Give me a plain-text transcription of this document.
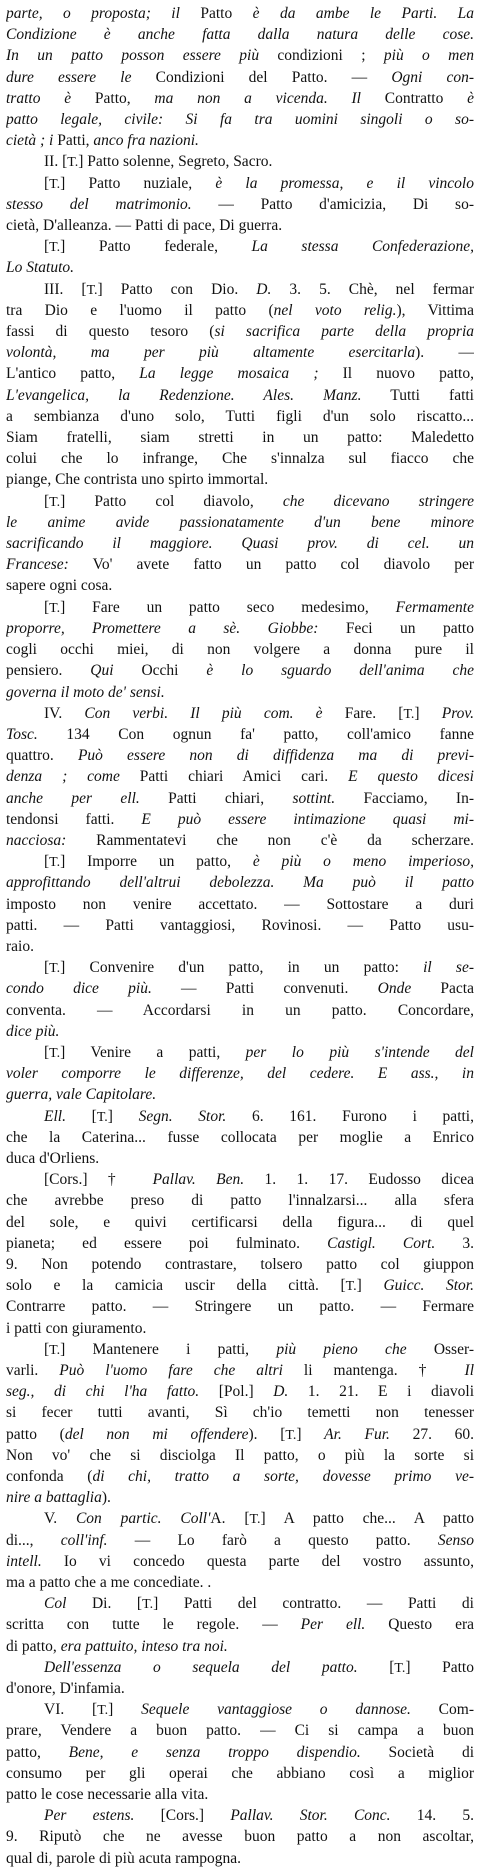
parte, o proposta; il Patto è da ambe le Parti. La
Condizione è anche fatta dalla natura delle cose.
In un patto posson essere più condizioni ; più o men
dure essere le Condizioni del Patto. — Ogni con-
tratto è Patto, ma non a vicenda. Il Contratto è
patto legale, civile: Si fa tra uomini singoli o so-
cietà ; i Patti, anco fra nazioni.
II. [T.] Patto solenne, Segreto, Sacro.
[T.] Patto nuziale, è la promessa, e il vincolo
stesso del matrimonio. — Patto d'amicizia, Di so-
cietà, D'alleanza. — Patti di pace, Di guerra.
[T.] Patto federale, La stessa Confederazione,
Lo Statuto.
III. [T.] Patto con Dio. D. 3. 5. Chè, nel fermar
tra Dio e l'uomo il patto (nel voto relig.), Vittima
fassi di questo tesoro (si sacrifica parte della propria
volontà, ma per più altamente esercitarla). —
L'antico patto, La legge mosaica ; Il nuovo patto,
L'evangelica, la Redenzione. Ales. Manz. Tutti fatti
a sembianza d'uno solo, Tutti figli d'un solo riscatto...
Siam fratelli, siam stretti in un patto: Maledetto
colui che lo infrange, Che s'innalza sul fiacco che
piange, Che contrista uno spirto immortal.
[T.] Patto col diavolo, che dicevano stringere
le anime avide passionatamente d'un bene minore
sacrificando il maggiore. Quasi prov. di cel. un
Francese: Vo' avete fatto un patto col diavolo per
sapere ogni cosa.
[T.] Fare un patto seco medesimo, Fermamente
proporre, Promettere a sè. Giobbe: Feci un patto
cogli occhi miei, di non volgere a donna pure il
pensiero. Qui Occhi è lo sguardo dell'anima che
governa il moto de' sensi.
IV. Con verbi. Il più com. è Fare. [T.] Prov.
Tosc. 134 Con ognun fa' patto, coll'amico fanne
quattro. Può essere non di diffidenza ma di previ-
denza ; come Patti chiari Amici cari. E questo dicesi
anche per ell. Patti chiari, sottint. Facciamo, In-
tendonsi fatti. E può essere intimazione quasi mi-
nacciosa: Rammentatevi che non c'è da scherzare.
[T.] Imporre un patto, è più o meno imperioso,
approfittando dell'altrui debolezza. Ma può il patto
imposto non venire accettato. — Sottostare a duri
patti. — Patti vantaggiosi, Rovinosi. — Patto usu-
raio.
[T.] Convenire d'un patto, in un patto: il se-
condo dice più. — Patti convenuti. Onde Pacta
conventa. — Accordarsi in un patto. Concordare,
dice più.
[T.] Venire a patti, per lo più s'intende del
voler comporre le differenze, del cedere. E ass., in
guerra, vale Capitolare.
Ell. [T.] Segn. Stor. 6. 161. Furono i patti,
che la Caterina... fusse collocata per moglie a Enrico
duca d'Orliens.
[Cors.] † Pallav. Ben. 1. 1. 17. Eudosso dicea
che avrebbe preso di patto l'innalzarsi... alla sfera
del sole, e quivi certificarsi della figura... di quel
pianeta; ed essere poi fulminato. Castigl. Cort. 3.
9. Non potendo contrastare, tolsero patto col giuppon
solo e la camicia uscir della città. [T.] Guicc. Stor.
Contrarre patto. — Stringere un patto. — Fermare
i patti con giuramento.
[T.] Mantenere i patti, più pieno che Osser-
varli. Può l'uomo fare che altri li mantenga. † Il
seg., di chi l'ha fatto. [Pol.] D. 1. 21. E i diavoli
si fecer tutti avanti, Sì ch'io temetti non tenesser
patto (del non mi offendere). [T.] Ar. Fur. 27. 60.
Non vo' che si disciolga Il patto, o più la sorte si
confonda (di chi, tratto a sorte, dovesse primo ve-
nire a battaglia).
V. Con partic. Coll'A. [T.] A patto che... A patto
di..., coll'inf. — Lo farò a questo patto. Senso
intell. Io vi concedo questa parte del vostro assunto,
ma a patto che a me concediate. .
Col Di. [T.] Patti del contratto. — Patti di
scritta con tutte le regole. — Per ell. Questo era
di patto, era pattuito, inteso tra noi.
Dell'essenza o sequela del patto. [T.] Patto
d'onore, D'infamia.
VI. [T.] Sequele vantaggiose o dannose. Com-
prare, Vendere a buon patto. — Ci si campa a buon
patto, Bene, e senza troppo dispendio. Società di
consumo per gli operai che abbiano così a miglior
patto le cose necessarie alla vita.
Per estens. [Cors.] Pallav. Stor. Conc. 14. 5.
9. Riputò che ne avesse buon patto a non ascoltar,
qual di, parole di più acuta rampogna.
